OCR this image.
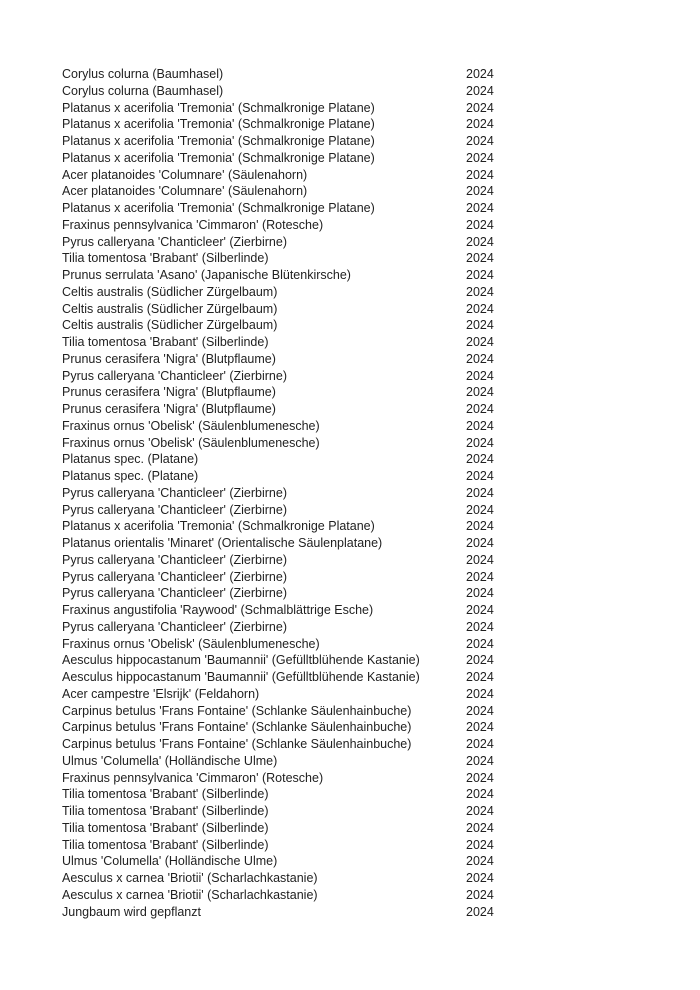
Corylus colurna (Baumhasel)	2024
Corylus colurna (Baumhasel)	2024
Platanus x acerifolia 'Tremonia' (Schmalkronige Platane)	2024
Platanus x acerifolia 'Tremonia' (Schmalkronige Platane)	2024
Platanus x acerifolia 'Tremonia' (Schmalkronige Platane)	2024
Platanus x acerifolia 'Tremonia' (Schmalkronige Platane)	2024
Acer platanoides 'Columnare' (Säulenahorn)	2024
Acer platanoides 'Columnare' (Säulenahorn)	2024
Platanus x acerifolia 'Tremonia' (Schmalkronige Platane)	2024
Fraxinus pennsylvanica 'Cimmaron' (Rotesche)	2024
Pyrus calleryana 'Chanticleer' (Zierbirne)	2024
Tilia tomentosa 'Brabant' (Silberlinde)	2024
Prunus serrulata 'Asano' (Japanische Blütenkirsche)	2024
Celtis australis (Südlicher Zürgelbaum)	2024
Celtis australis (Südlicher Zürgelbaum)	2024
Celtis australis (Südlicher Zürgelbaum)	2024
Tilia tomentosa 'Brabant' (Silberlinde)	2024
Prunus cerasifera 'Nigra' (Blutpflaume)	2024
Pyrus calleryana 'Chanticleer' (Zierbirne)	2024
Prunus cerasifera 'Nigra' (Blutpflaume)	2024
Prunus cerasifera 'Nigra' (Blutpflaume)	2024
Fraxinus ornus 'Obelisk' (Säulenblumenesche)	2024
Fraxinus ornus 'Obelisk' (Säulenblumenesche)	2024
Platanus spec. (Platane)	2024
Platanus spec. (Platane)	2024
Pyrus calleryana 'Chanticleer' (Zierbirne)	2024
Pyrus calleryana 'Chanticleer' (Zierbirne)	2024
Platanus x acerifolia 'Tremonia' (Schmalkronige Platane)	2024
Platanus orientalis 'Minaret' (Orientalische Säulenplatane)	2024
Pyrus calleryana 'Chanticleer' (Zierbirne)	2024
Pyrus calleryana 'Chanticleer' (Zierbirne)	2024
Pyrus calleryana 'Chanticleer' (Zierbirne)	2024
Fraxinus angustifolia 'Raywood' (Schmalblättrige Esche)	2024
Pyrus calleryana 'Chanticleer' (Zierbirne)	2024
Fraxinus ornus 'Obelisk' (Säulenblumenesche)	2024
Aesculus hippocastanum 'Baumannii' (Gefülltblühende Kastanie)	2024
Aesculus hippocastanum 'Baumannii' (Gefülltblühende Kastanie)	2024
Acer campestre 'Elsrijk' (Feldahorn)	2024
Carpinus betulus 'Frans Fontaine' (Schlanke Säulenhainbuche)	2024
Carpinus betulus 'Frans Fontaine' (Schlanke Säulenhainbuche)	2024
Carpinus betulus 'Frans Fontaine' (Schlanke Säulenhainbuche)	2024
Ulmus 'Columella' (Holländische Ulme)	2024
Fraxinus pennsylvanica 'Cimmaron' (Rotesche)	2024
Tilia tomentosa 'Brabant' (Silberlinde)	2024
Tilia tomentosa 'Brabant' (Silberlinde)	2024
Tilia tomentosa 'Brabant' (Silberlinde)	2024
Tilia tomentosa 'Brabant' (Silberlinde)	2024
Ulmus 'Columella' (Holländische Ulme)	2024
Aesculus x carnea 'Briotii' (Scharlachkastanie)	2024
Aesculus x carnea 'Briotii' (Scharlachkastanie)	2024
Jungbaum wird gepflanzt	2024
